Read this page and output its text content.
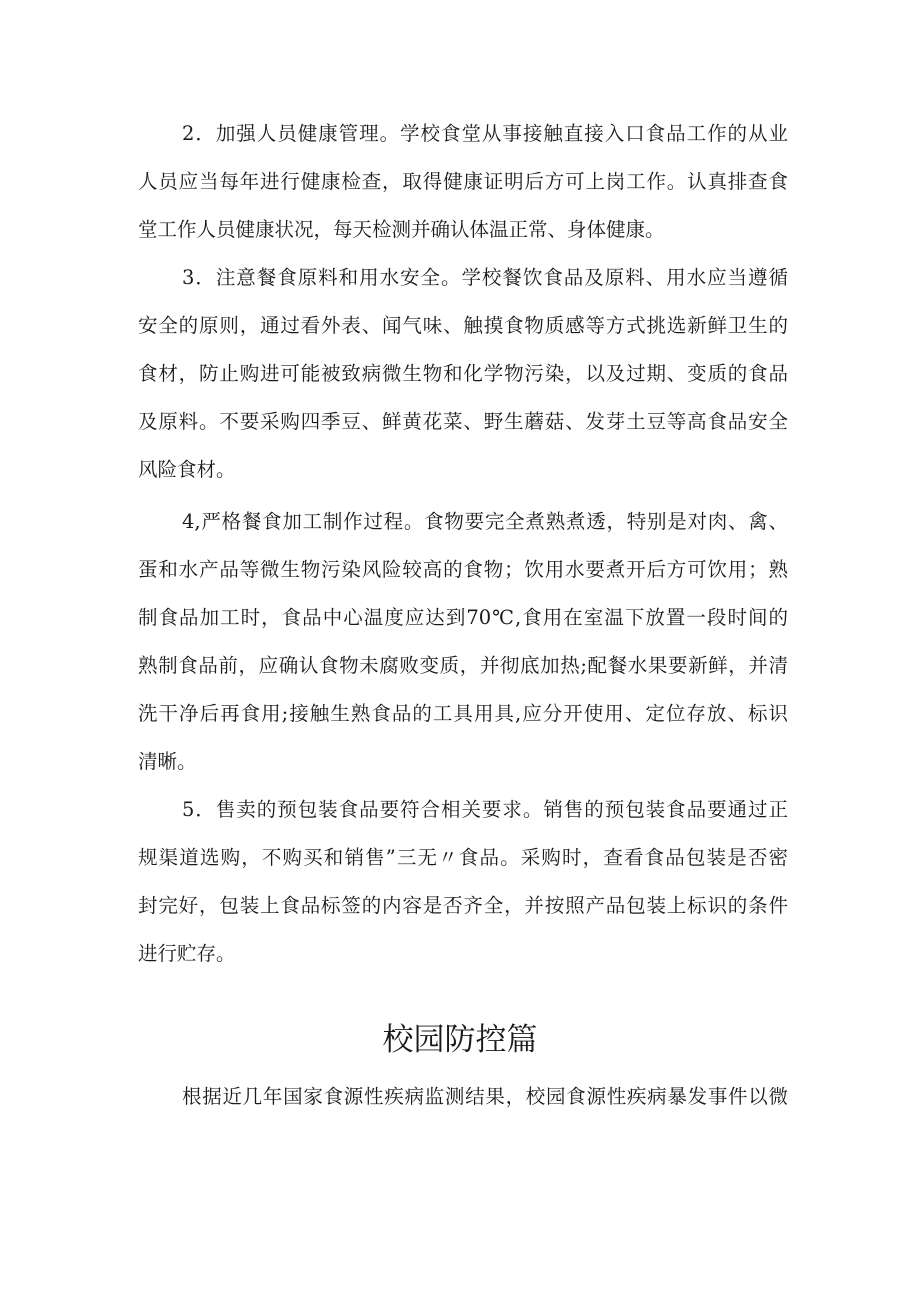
2．加强人员健康管理。学校食堂从事接触直接入口食品工作的从业
人员应当每年进行健康检查，取得健康证明后方可上岗工作。认真排查食
堂工作人员健康状况，每天检测并确认体温正常、身体健康。
3．注意餐食原料和用水安全。学校餐饮食品及原料、用水应当遵循
安全的原则，通过看外表、闻气味、触摸食物质感等方式挑选新鲜卫生的
食材，防止购进可能被致病微生物和化学物污染，以及过期、变质的食品
及原料。不要采购四季豆、鲜黄花菜、野生蘑菇、发芽土豆等高食品安全
风险食材。
4,严格餐食加工制作过程。食物要完全煮熟煮透，特别是对肉、禽、
蛋和水产品等微生物污染风险较高的食物；饮用水要煮开后方可饮用；熟
制食品加工时，食品中心温度应达到70℃,食用在室温下放置一段时间的
熟制食品前，应确认食物未腐败变质，并彻底加热;配餐水果要新鲜，并清
洗干净后再食用;接触生熟食品的工具用具,应分开使用、定位存放、标识
清晰。
5．售卖的预包装食品要符合相关要求。销售的预包装食品要通过正
规渠道选购，不购买和销售”三无〃食品。采购时，查看食品包装是否密
封完好，包装上食品标签的内容是否齐全，并按照产品包装上标识的条件
进行贮存。
校园防控篇
根据近几年国家食源性疾病监测结果，校园食源性疾病暴发事件以微
